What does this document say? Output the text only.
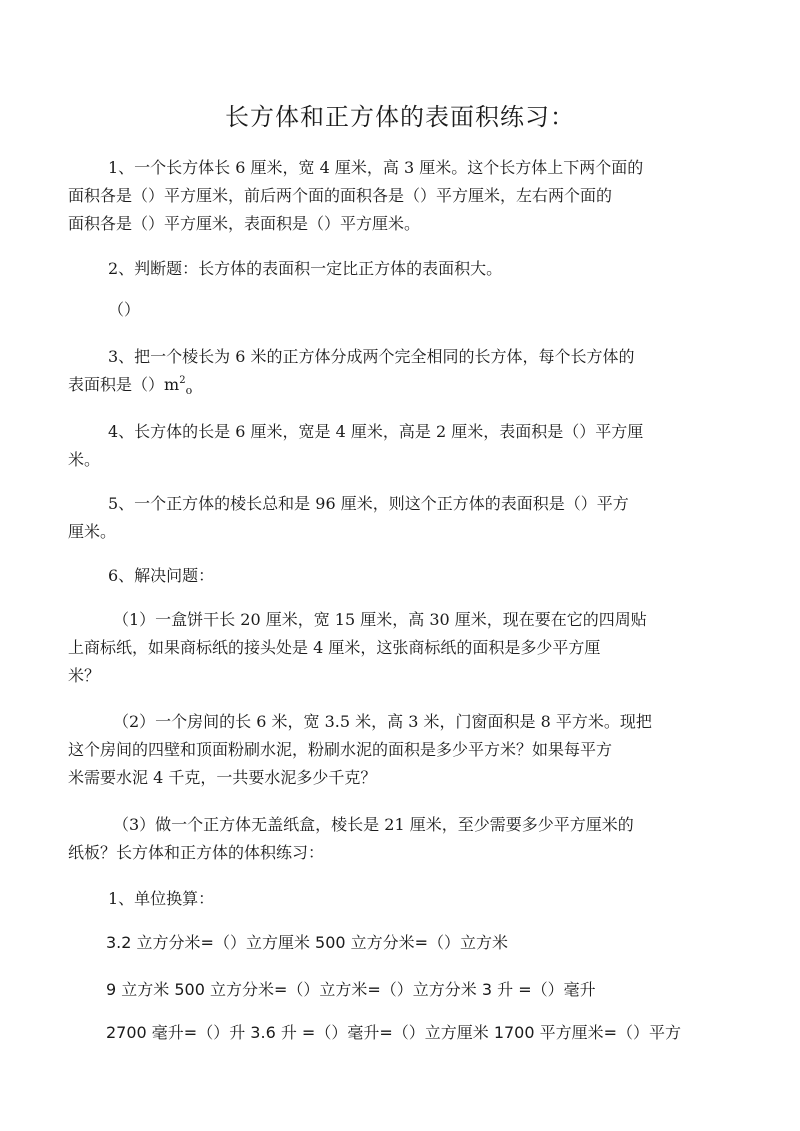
长方体和正方体的表面积练习：
1、一个长方体长 6 厘米，宽 4 厘米，高 3 厘米。这个长方体上下两个面的
面积各是（）平方厘米，前后两个面的面积各是（）平方厘米，左右两个面的
面积各是（）平方厘米，表面积是（）平方厘米。
2、判断题：长方体的表面积一定比正方体的表面积大。
（）
3、把一个棱长为 6 米的正方体分成两个完全相同的长方体，每个长方体的
表面积是$()m^2_o$
4、长方体的长是 6 厘米，宽是 4 厘米，高是 2 厘米，表面积是（）平方厘
米。
5、一个正方体的棱长总和是 96 厘米，则这个正方体的表面积是（）平方
厘米。
6、解决问题：
（1）一盒饼干长 20 厘米，宽 15 厘米，高 30 厘米，现在要在它的四周贴
上商标纸，如果商标纸的接头处是 4 厘米，这张商标纸的面积是多少平方厘
米？
（2）一个房间的长 6 米，宽 3.5 米，高 3 米，门窗面积是 8 平方米。现把
这个房间的四壁和顶面粉刷水泥，粉刷水泥的面积是多少平方米？如果每平方
米需要水泥 4 千克，一共要水泥多少千克？
（3）做一个正方体无盖纸盒，棱长是 21 厘米，至少需要多少平方厘米的
纸板？长方体和正方体的体积练习：
1、单位换算：
3.2 立方分米=（）立方厘米 500 立方分米=（）立方米
9 立方米 500 立方分米=（）立方米=（）立方分米 3 升 =（）毫升
2700 毫升=（）升 3.6 升 =（）毫升=（）立方厘米 1700 平方厘米=（）平方
